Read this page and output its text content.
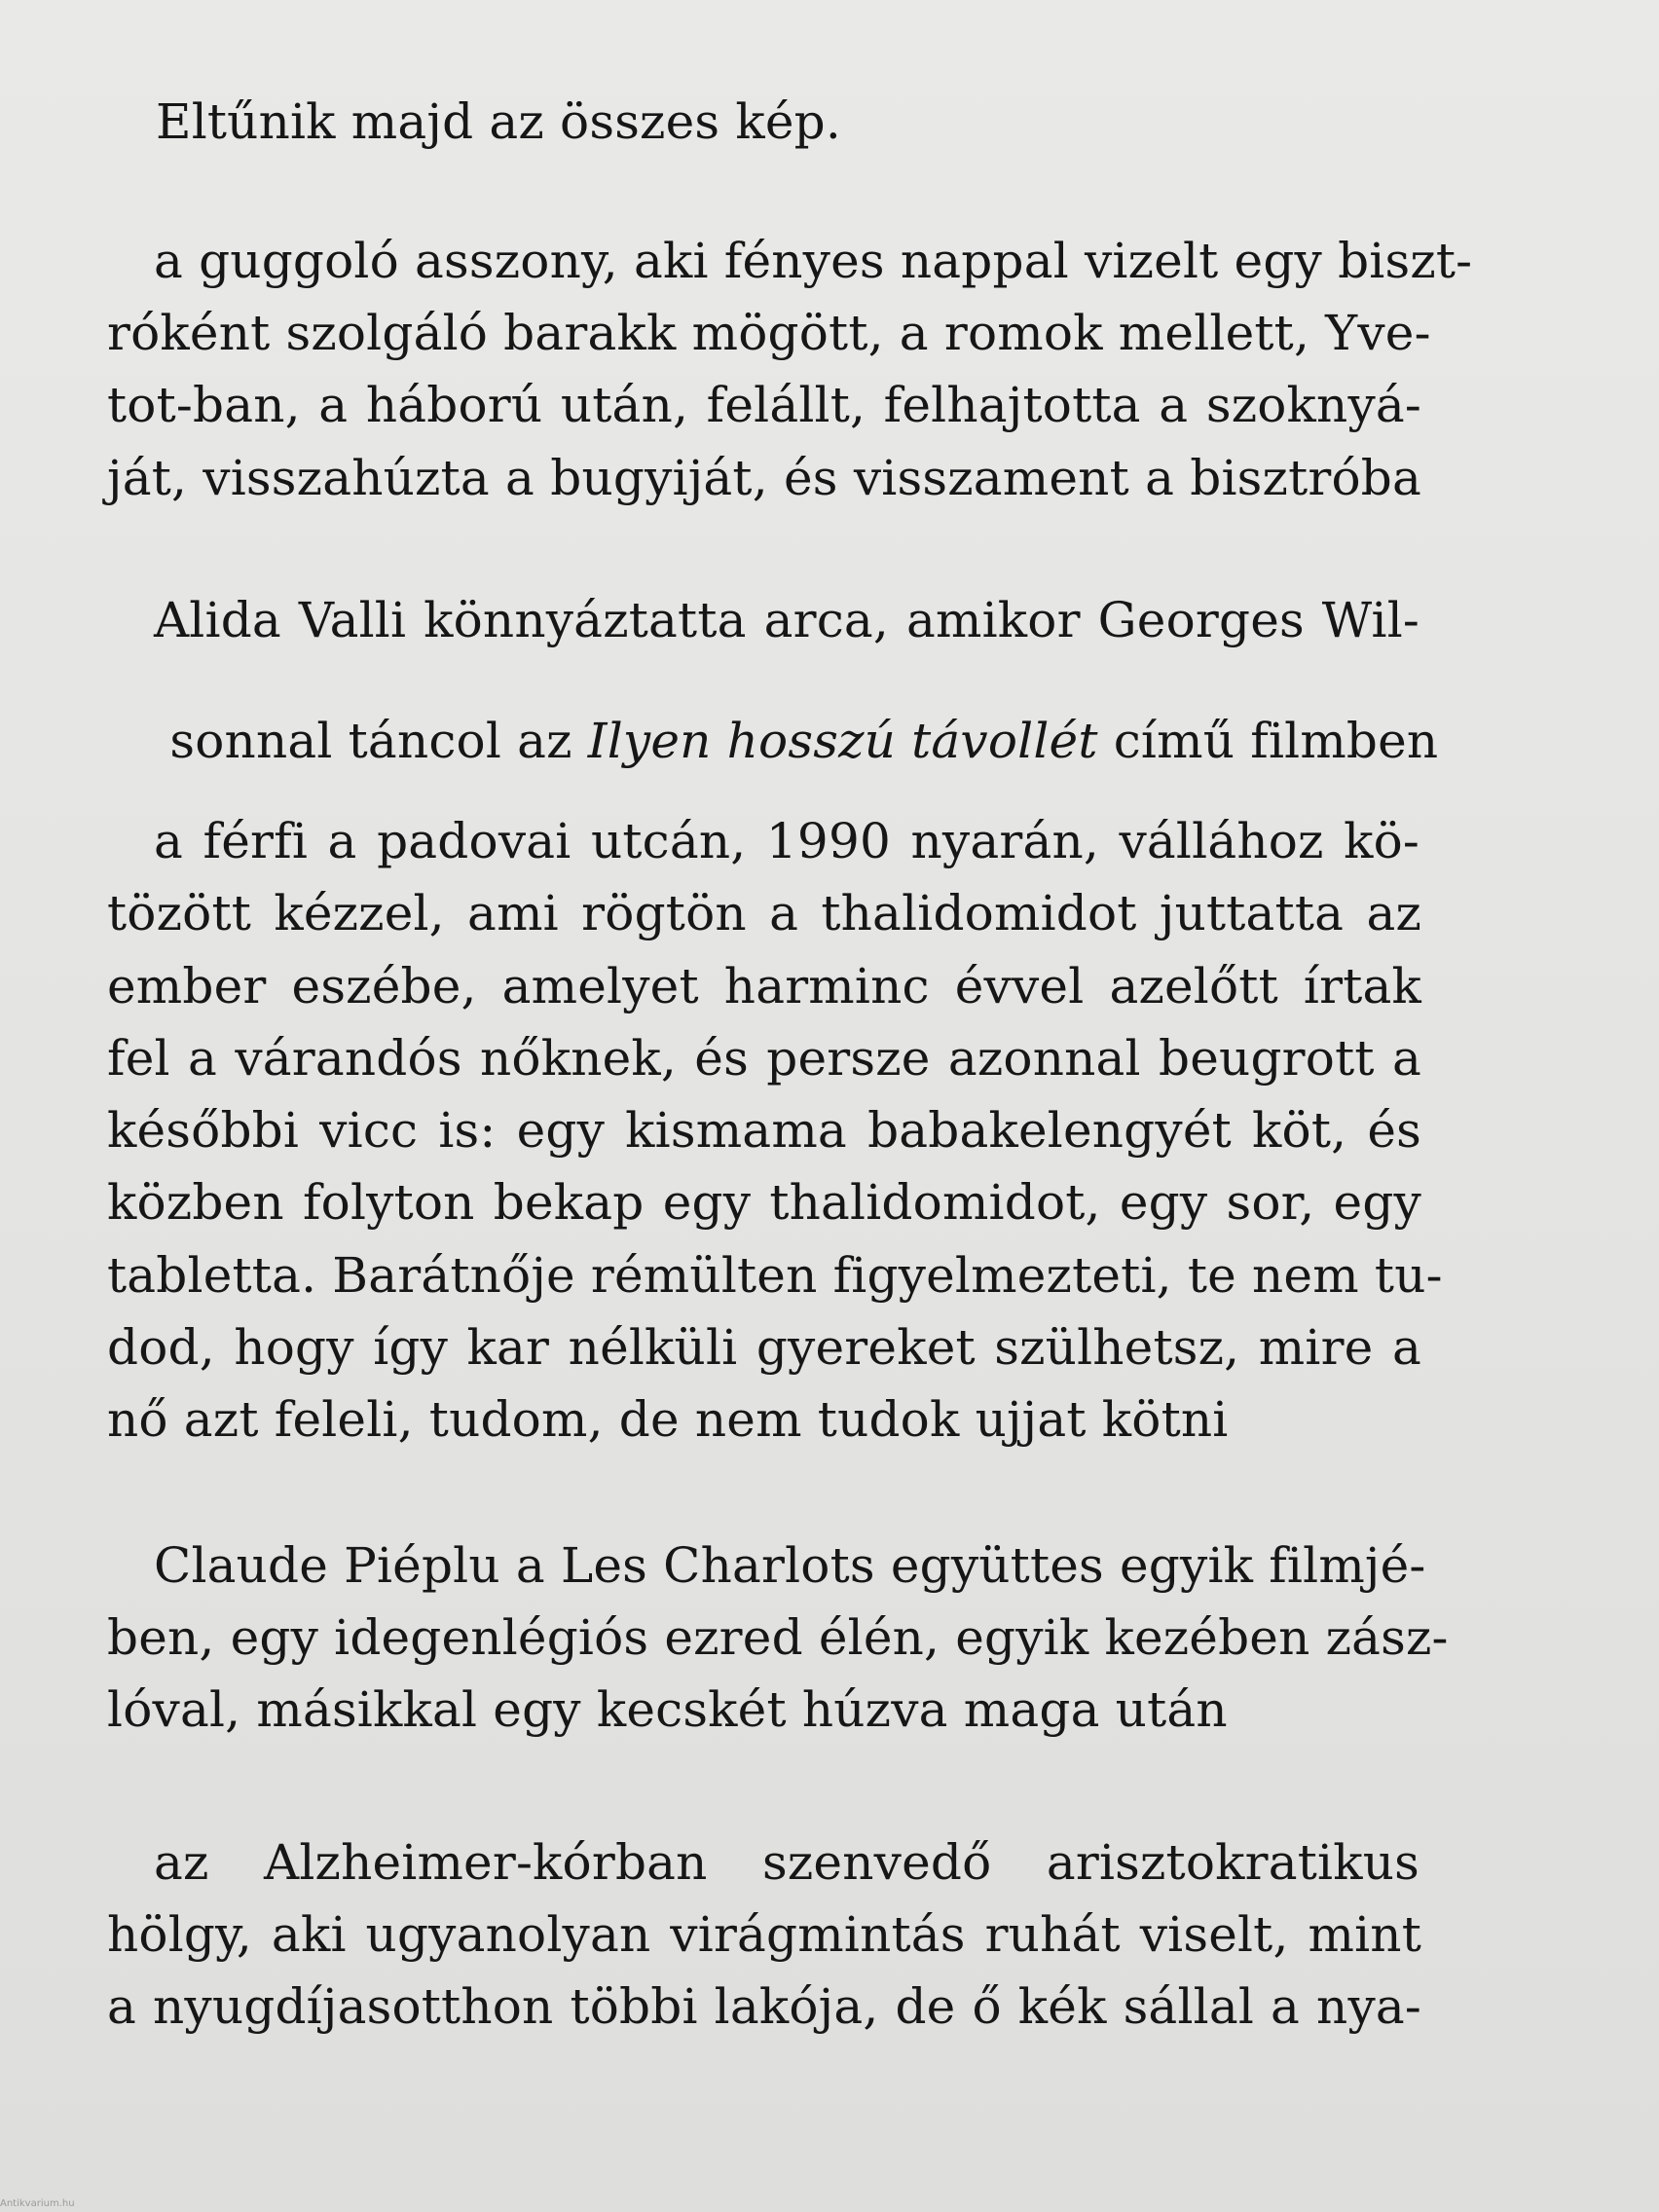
Eltűnik majd az összes kép.
a guggoló asszony, aki fényes nappal vizelt egy biszt-
róként szolgáló barakk mögött, a romok mellett, Yve-
tot-ban, a háború után, felállt, felhajtotta a szoknyá-
ját, visszahúzta a bugyiját, és visszament a bisztróba
Alida Valli könnyáztatta arca, amikor Georges Wil-

sonnal táncol az Ilyen hosszú távollét című filmben

a férfi a padovai utcán, 1990 nyarán, vállához kö-
tözött kézzel, ami rögtön a thalidomidot juttatta az
ember eszébe, amelyet harminc évvel azelőtt írtak
fel a várandós nőknek, és persze azonnal beugrott a
későbbi vicc is: egy kismama babakelengyét köt, és
közben folyton bekap egy thalidomidot, egy sor, egy
tabletta. Barátnője rémülten figyelmezteti, te nem tu-
dod, hogy így kar nélküli gyereket szülhetsz, mire a
nő azt feleli, tudom, de nem tudok ujjat kötni
Claude Piéplu a Les Charlots együttes egyik filmjé-
ben, egy idegenlégiós ezred élén, egyik kezében zász-
lóval, másikkal egy kecskét húzva maga után
az Alzheimer-kórban szenvedő arisztokratikus
hölgy, aki ugyanolyan virágmintás ruhát viselt, mint
a nyugdíjasotthon többi lakója, de ő kék sállal a nya-
Antikvarium.hu
